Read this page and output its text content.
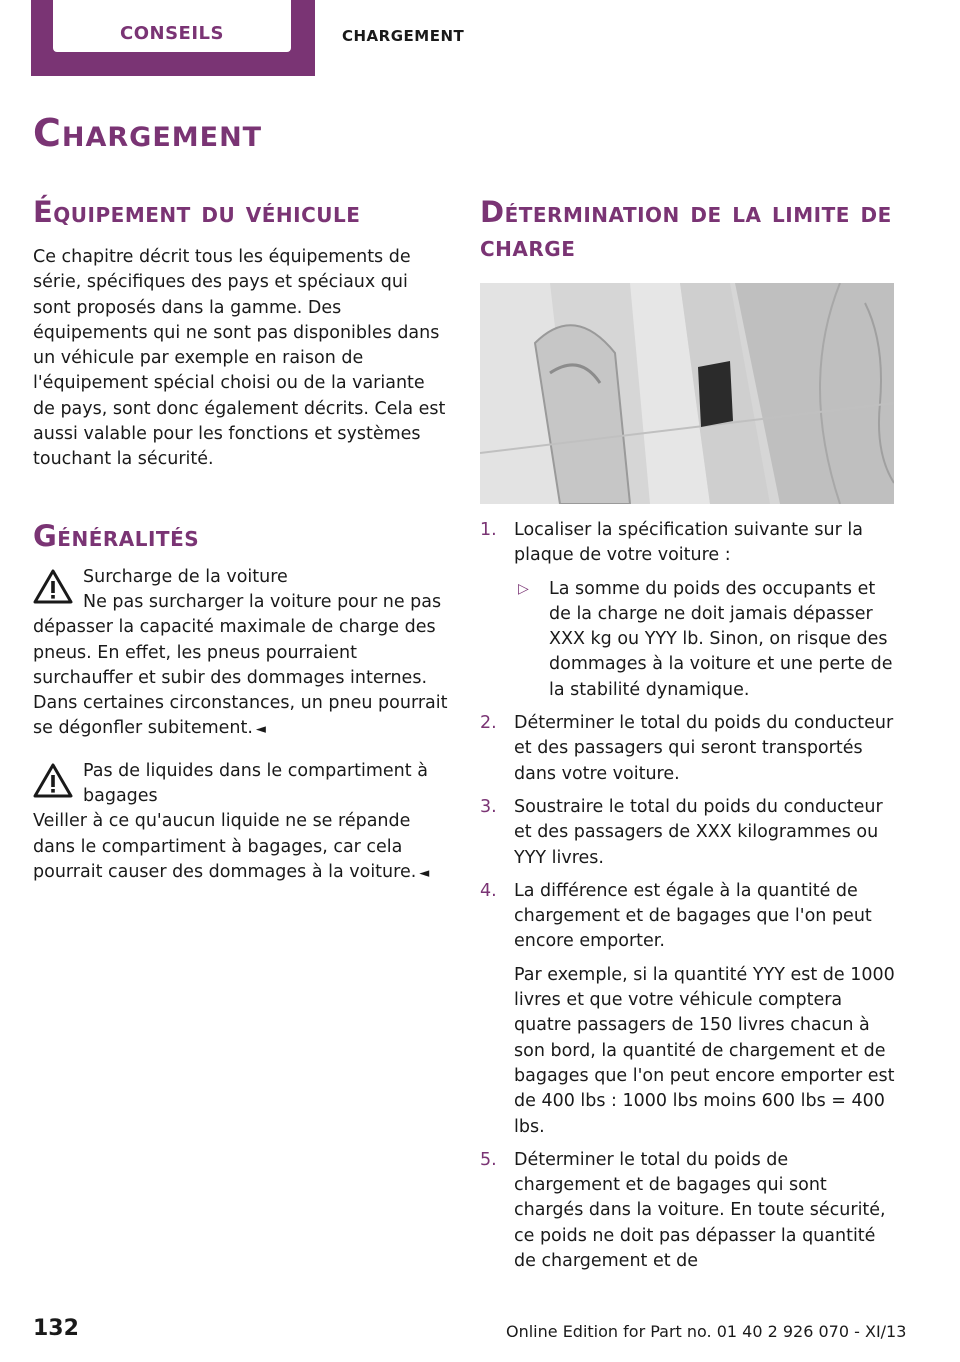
CONSEILS	CHARGEMENT
Chargement
Équipement du véhicule

Ce chapitre décrit tous les équipements de série, spécifiques des pays et spéciaux qui sont proposés dans la gamme. Des équipements qui ne sont pas disponibles dans un véhicule par exemple en raison de l'équipement spécial choisi ou de la variante de pays, sont donc également décrits. Cela est aussi valable pour les fonctions et systèmes touchant la sécurité.

Généralités

Surcharge de la voiture

Ne pas surcharger la voiture pour ne pas dépasser la capacité maximale de charge des pneus. En effet, les pneus pourraient surchauffer et subir des dommages internes. Dans certaines circonstances, un pneu pourrait se dégonfler subitement. ◄

Pas de liquides dans le compartiment à bagages

Veiller à ce qu'aucun liquide ne se répande dans le compartiment à bagages, car cela pourrait causer des dommages à la voiture. ◄

Détermination de la limite de charge
1. Localiser la spécification suivante sur la plaque de votre voiture :
▷ La somme du poids des occupants et de la charge ne doit jamais dépasser XXX kg ou YYY lb. Sinon, on risque des dommages à la voiture et une perte de la stabilité dynamique.
2. Déterminer le total du poids du conducteur et des passagers qui seront transportés dans votre voiture.
3. Soustraire le total du poids du conducteur et des passagers de XXX kilogrammes ou YYY livres.
4. La différence est égale à la quantité de chargement et de bagages que l'on peut encore emporter.

Par exemple, si la quantité YYY est de 1000 livres et que votre véhicule comptera quatre passagers de 150 livres chacun à son bord, la quantité de chargement et de bagages que l'on peut encore emporter est de 400 lbs : 1000 lbs moins 600 lbs = 400 lbs.

5. Déterminer le total du poids de chargement et de bagages qui sont chargés dans la voiture. En toute sécurité, ce poids ne doit pas dépasser la quantité de chargement et de
132	Online Edition for Part no. 01 40 2 926 070 - XI/13
